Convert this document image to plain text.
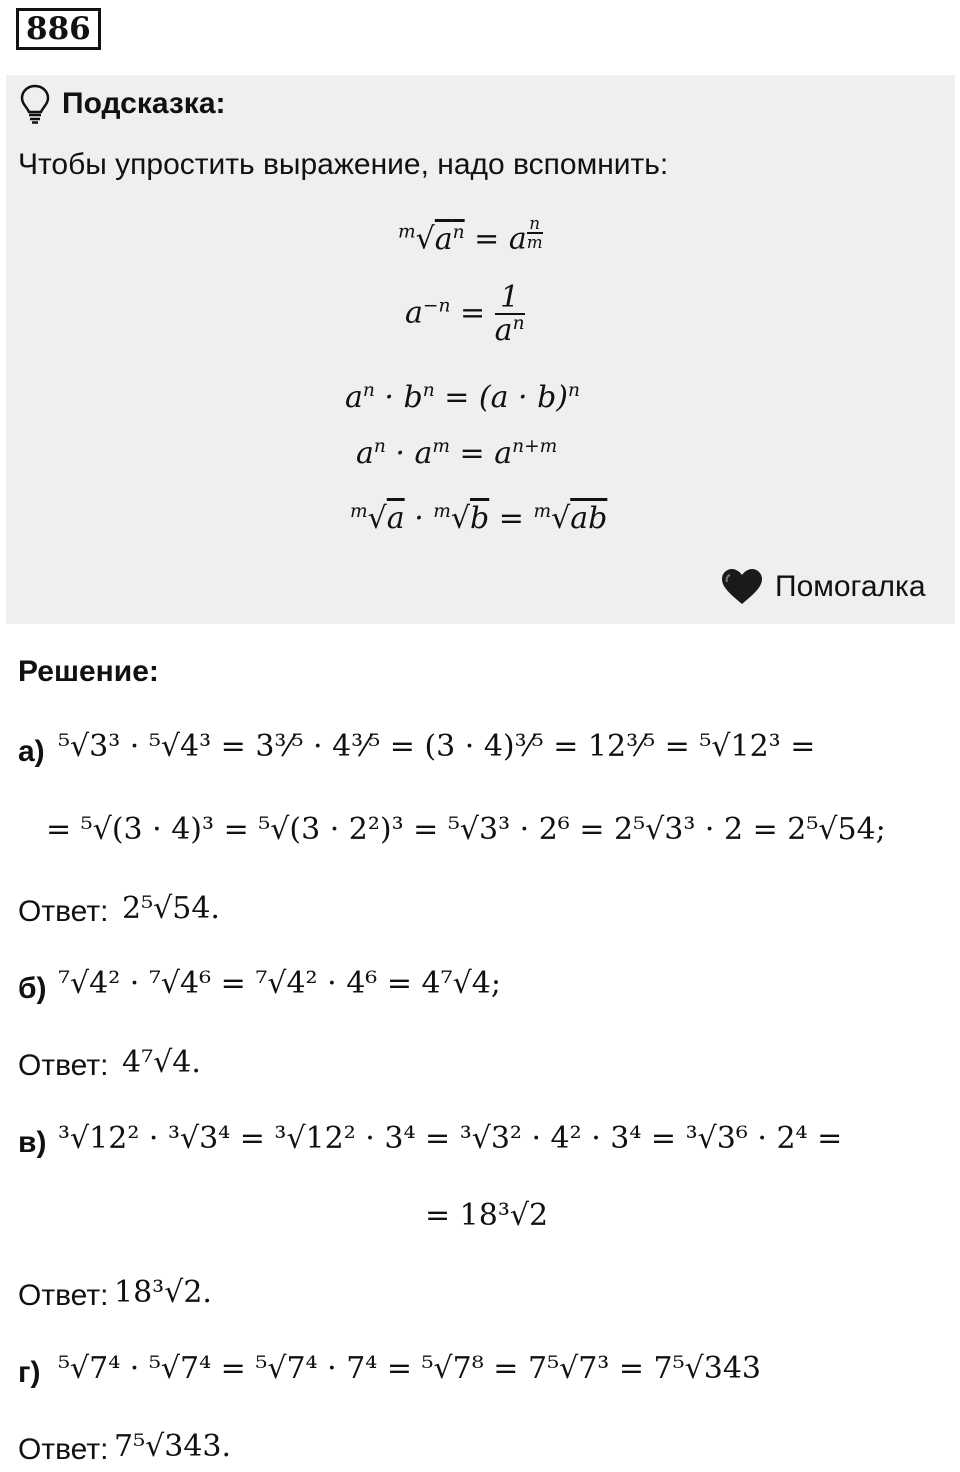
886
Подсказка:
Чтобы упростить выражение, надо вспомнить:
$^m√a^n = a$ $^{\frac{n}{m}}$
$a^{-n} = \frac{1}{a^n}$
$a^n \cdot b^n = (a \cdot b)^n$
$a^n \cdot a^m = a^{n+m}$
$^m$√a · $^m$√b = $^m$√ab
Помогалка
Решение:
а) ⁵√3³ · ⁵√4³ = 3³⁄⁵ · 4³⁄⁵ = (3 · 4)³⁄⁵ = 12³⁄⁵ = ⁵√12³ =
= ⁵√(3 · 4)³ = ⁵√(3 · 2²)³ = ⁵√3³ · 2⁶ = 2⁵√3³ · 2 = 2⁵√54;
Ответ: 2⁵√54.
б) ⁷√4² · ⁷√4⁶ = ⁷√4² · 4⁶ = 4⁷√4;
Ответ: 4⁷√4.
в) ³√12² · ³√3⁴ = ³√12² · 3⁴ = ³√3² · 4² · 3⁴ = ³√3⁶ · 2⁴ =
= 18³√2
Ответ: 18³√2.
г) ⁵√7⁴ · ⁵√7⁴ = ⁵√7⁴ · 7⁴ = ⁵√7⁸ = 7⁵√7³ = 7⁵√343
Ответ: 7⁵√343.
